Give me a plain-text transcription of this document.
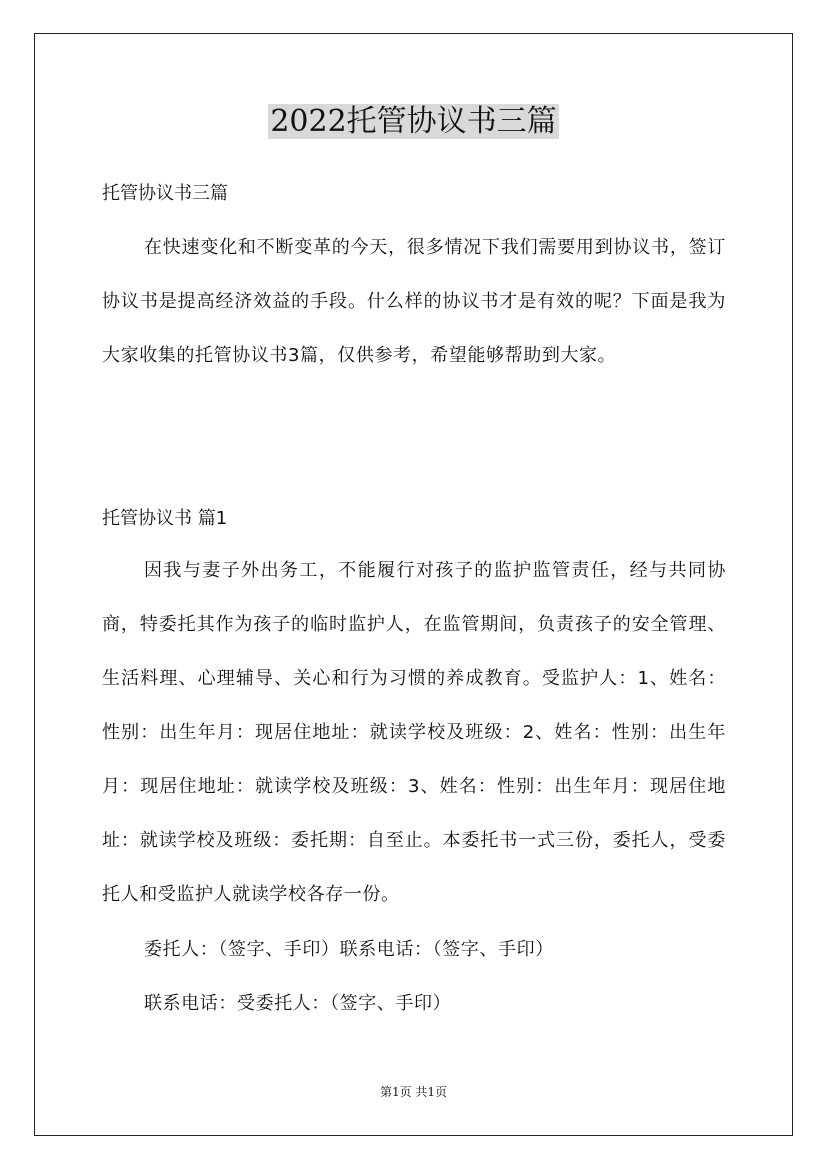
2022托管协议书三篇
托管协议书三篇
在快速变化和不断变革的今天，很多情况下我们需要用到协议书，签订协议书是提高经济效益的手段。什么样的协议书才是有效的呢？下面是我为大家收集的托管协议书3篇，仅供参考，希望能够帮助到大家。
托管协议书 篇1
因我与妻子外出务工，不能履行对孩子的监护监管责任，经与共同协商，特委托其作为孩子的临时监护人，在监管期间，负责孩子的安全管理、生活料理、心理辅导、关心和行为习惯的养成教育。受监护人：1、姓名：性别：出生年月：现居住地址：就读学校及班级：2、姓名：性别：出生年月：现居住地址：就读学校及班级：3、姓名：性别：出生年月：现居住地址：就读学校及班级：委托期：自至止。本委托书一式三份，委托人，受委托人和受监护人就读学校各存一份。
委托人：（签字、手印）联系电话：（签字、手印）
联系电话：受委托人：（签字、手印）
第1页 共1页
